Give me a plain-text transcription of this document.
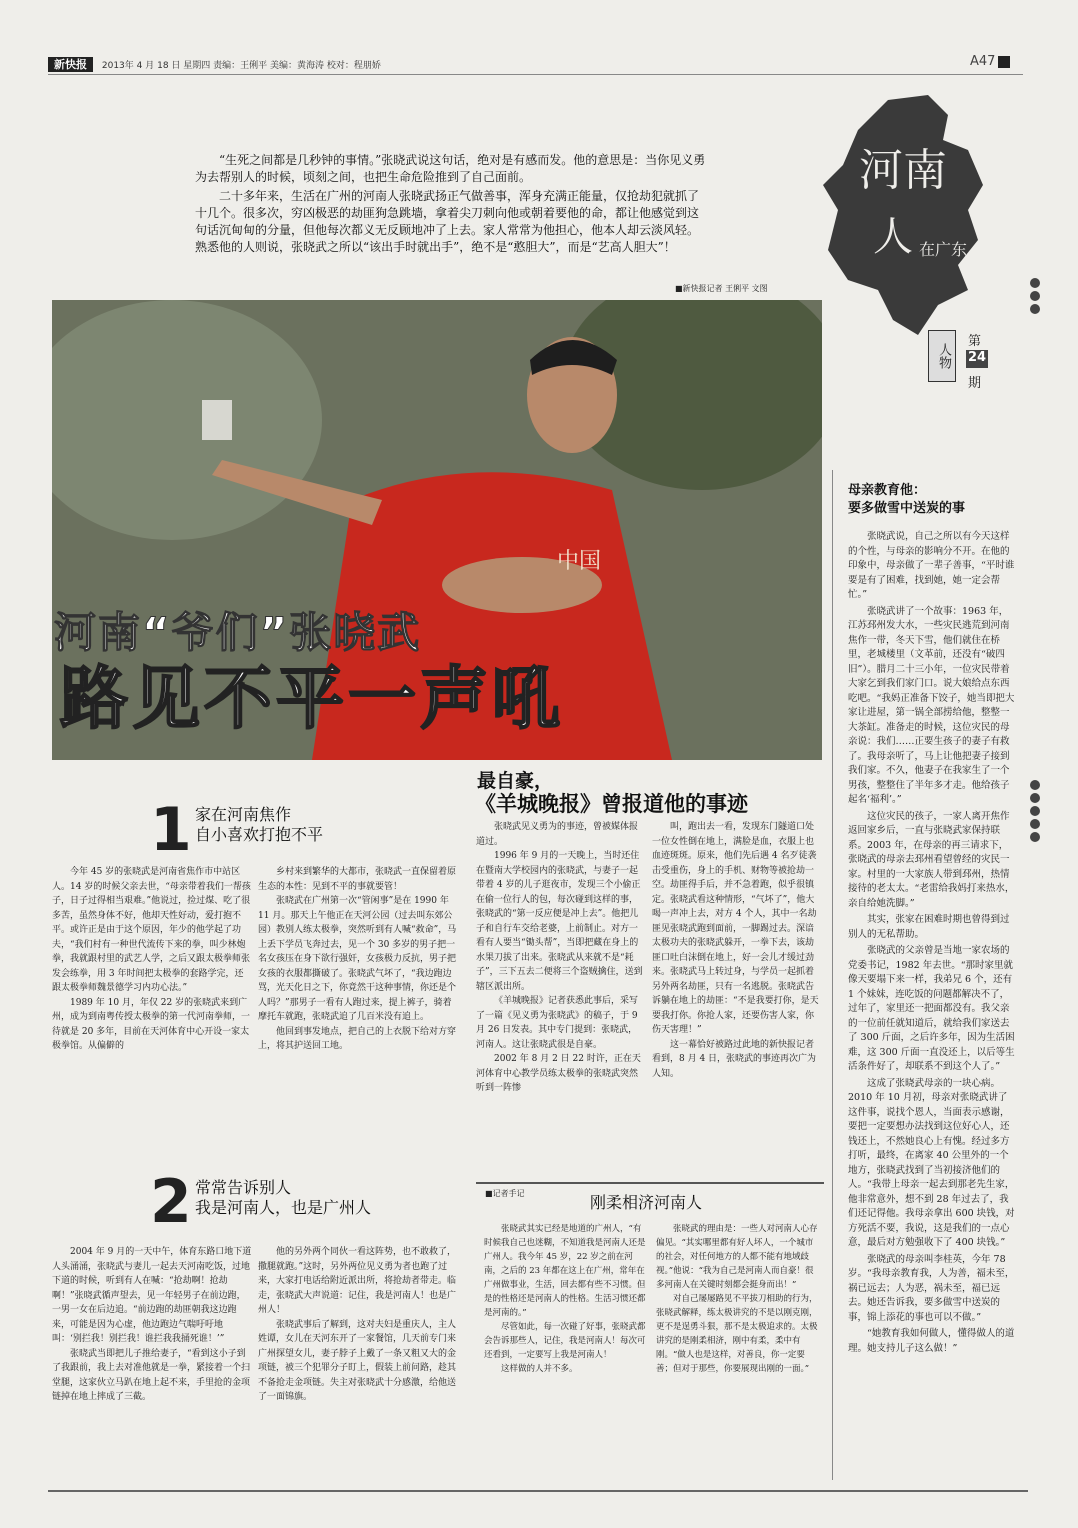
新快报 2013年 4 月 18 日 星期四 责编：王俐平 美编：黄海涛 校对：程朋娇	A47

“生死之间都是几秒钟的事情。”张晓武说这句话，绝对是有感而发。他的意思是：当你见义勇为去帮别人的时候，顷刻之间，也把生命危险推到了自己面前。

二十多年来，生活在广州的河南人张晓武扬正气做善事，浑身充满正能量，仅抢劫犯就抓了十几个。很多次，穷凶极恶的劫匪狗急跳墙，拿着尖刀刺向他或朝着要他的命，都让他感觉到这句话沉甸甸的分量，但他每次都义无反顾地冲了上去。家人常常为他担心，他本人却云淡风轻。熟悉他的人则说，张晓武之所以“该出手时就出手”，绝不是“憨胆大”，而是“艺高人胆大”！

■新快报记者 王俐平 文图
河南
人 在广东
人物
第
24
期
中国
河南“爷们”张晓武
路见不平一声吼
母亲教育他：
要多做雪中送炭的事

张晓武说，自己之所以有今天这样的个性，与母亲的影响分不开。在他的印象中，母亲做了一辈子善事，“平时谁要是有了困难，找到她，她一定会帮忙。”

张晓武讲了一个故事：1963 年，江苏邳州发大水，一些灾民逃荒到河南焦作一带，冬天下雪，他们就住在桥里，老城楼里（文革前，还没有“破四旧”）。腊月二十三小年，一位灾民带着大家乞到我们家门口。说大娘给点东西吃吧。“我妈正准备下饺子，她当即把大家让进屋，第一锅全部捞给他，整整一大茶缸。准备走的时候，这位灾民的母亲说：我们……正要生孩子的妻子有救了。我母亲听了，马上让他把妻子接到我们家。不久，他妻子在我家生了一个男孩，整整住了半年多才走。他给孩子起名‘福利’。”

这位灾民的孩子，一家人离开焦作返回家乡后，一直与张晓武家保持联系。2003 年，在母亲的再三请求下，张晓武的母亲去邳州看望曾经的灾民一家。村里的一大家族人带到邳州，热情接待的老太太。“老雷给我妈打来热水，亲自给她洗脚。”

其实，张家在困难时期也曾得到过别人的无私帮助。

张晓武的父亲曾是当地一家农场的党委书记，1982 年去世。“那时家里就像天要塌下来一样，我弟兄 6 个，还有 1 个妹妹，连吃饭的问题都解决不了，过年了，家里还一把面都没有。我父亲的一位前任就知道后，就给我们家送去了 300 斤面，之后许多年，因为生活困难，这 300 斤面一直没还上，以后等生活条件好了，却联系不到这个人了。”

这成了张晓武母亲的一块心病。2010 年 10 月初，母亲对张晓武讲了这件事，说找个恩人，当面表示感谢，要把一定要想办法找到这位好心人，还钱还上，不然她良心上有愧。经过多方打听，最终，在离家 40 公里外的一个地方，张晓武找到了当初接济他们的人。“我带上母亲一起去到那老先生家，他非常意外，想不到 28 年过去了，我们还记得他。我母亲拿出 600 块钱，对方死活不要，我说，这是我们的一点心意，最后对方勉强收下了 400 块钱。”

张晓武的母亲叫李桂英，今年 78 岁。“我母亲教育我，人为善，福未至，祸已远去；人为恶，祸未至，福已远去。她还告诉我，要多做雪中送炭的事，锦上添花的事也可以不做。”

“她教育我如何做人，懂得做人的道理。她支持儿子这么做！”

1 家在河南焦作
自小喜欢打抱不平

今年 45 岁的张晓武是河南省焦作市中站区人。14 岁的时候父亲去世，“母亲带着我们一帮孩子，日子过得相当艰难。”他说过，捡过煤、吃了很多苦，虽然身体不好，他却天性好动，爱打抱不平。或许正是由于这个原因，年少的他学起了功夫，“我们村有一种世代流传下来的拳，叫少林炮拳，我就跟村里的武艺人学，之后又跟太极拳师张发会练拳，用 3 年时间把太极拳的套路学完，还跟太极拳师魏景德学习内功心法。”

1989 年 10 月，年仅 22 岁的张晓武来到广州，成为到南粤传授太极拳的第一代河南拳师，一待就是 20 多年，目前在天河体育中心开设一家太极拳馆。从偏僻的

乡村来到繁华的大都市，张晓武一直保留着原生态的本性：见到不平的事就要管！

张晓武在广州第一次“管闲事”是在 1990 年 11 月。那天上午他正在天河公园（过去叫东郊公园）教别人练太极拳，突然听到有人喊“救命”，马上丢下学员飞奔过去，见一个 30 多岁的男子把一名女孩压在身下欲行强奸，女孩极力反抗，男子把女孩的衣服都撕破了。张晓武气坏了，“我边跑边骂，光天化日之下，你竟然干这种事情，你还是个人吗？”那男子一看有人跑过来，提上裤子，骑着摩托车就跑，张晓武追了几百米没有追上。

他回到事发地点，把自己的上衣脱下给对方穿上，将其护送回工地。

2 常常告诉别人
我是河南人，也是广州人

2004 年 9 月的一天中午，体育东路口地下道人头涌涌，张晓武与妻儿一起去天河南吃饭，过地下道的时候，听到有人在喊：“抢劫啊！抢劫啊！”张晓武循声望去，见一年轻男子在前边跑，一男一女在后边追。“前边跑的劫匪朝我这边跑来，可能是因为心虚，他边跑边气喘吁吁地叫：‘别拦我！别拦我！谁拦我我捅死谁！’”

张晓武当即把儿子推给妻子，“看到这小子到了我跟前，我上去对准他就是一拳，紧接着一个扫堂腿，这家伙立马趴在地上起不来，手里抢的金项链掉在地上摔成了三截。

他的另外两个同伙一看这阵势，也不敢救了，撒腿就跑。”这时，另外两位见义勇为者也跑了过来，大家打电话给附近派出所，将抢劫者带走。临走，张晓武大声说道：记住，我是河南人！也是广州人！

张晓武事后了解到，这对夫妇是重庆人，主人姓谭，女儿在天河东开了一家餐馆，几天前专门来广州探望女儿，妻子脖子上戴了一条又粗又大的金项链，被三个犯罪分子盯上，假装上前问路，趁其不备抢走金项链。失主对张晓武十分感激，给他送了一面锦旗。

最自豪，
《羊城晚报》曾报道他的事迹

张晓武见义勇为的事迹，曾被媒体报道过。

1996 年 9 月的一天晚上，当时还住在暨南大学校园内的张晓武，与妻子一起带着 4 岁的儿子逛夜市，发现三个小偷正在偷一位行人的包，每次碰到这样的事，张晓武的“第一反应便是冲上去”。他把儿子和自行车交给老婆，上前制止。对方一看有人要当“锄头帮”，当即把藏在身上的水果刀拔了出来。张晓武从来就不是“耗子”，三下五去二便将三个盗贼擒住，送到辖区派出所。

《羊城晚报》记者获悉此事后，采写了一篇《见义勇为张晓武》的稿子，于 9 月 26 日发表。其中专门提到：张晓武，河南人。这让张晓武很是自豪。

2002 年 8 月 2 日 22 时许，正在天河体育中心教学员练太极拳的张晓武突然听到一阵惨

叫，跑出去一看，发现东门隧道口处一位女性倒在地上，满脸是血，衣服上也血迹斑斑。原来，他们先后遇 4 名歹徒袭击受重伤，身上的手机、财物等被抢劫一空。劫匪得手后，并不急着跑，似乎很镇定。张晓武看这种情形，“气坏了”，他大喝一声冲上去，对方 4 个人，其中一名劫匪见张晓武跑到面前，一脚踢过去。深谙太极功夫的张晓武躲开，一拳下去，该劫匪口吐白沫倒在地上，好一会儿才缓过劲来。张晓武马上转过身，与学员一起抓着另外两名劫匪，只有一名逃脱。张晓武告诉躺在地上的劫匪：“不是我要打你，是天要我打你。你抢人家，还要伤害人家，你伤天害理！”

这一幕恰好被路过此地的新快报记者看到，8 月 4 日，张晓武的事迹再次广为人知。

■记者手记	刚柔相济河南人

张晓武其实已经是地道的广州人，“有时候我自己也迷糊，不知道我是河南人还是广州人。我今年 45 岁，22 岁之前在河南，之后的 23 年都在这上在广州，常年在广州做事业，生活，回去都有些不习惯。但是的性格还是河南人的性格。生活习惯还都是河南的。”

尽管如此，每一次碰了好事，张晓武都会告诉那些人，记住，我是河南人！每次可还看到，一定要写上我是河南人！

这样做的人并不多。

张晓武的理由是：一些人对河南人心存偏见。“其实哪里都有好人坏人，一个城市的社会，对任何地方的人都不能有地域歧视。”他说：“我为自己是河南人而自豪！很多河南人在关键时刻都会挺身而出！”

对自己屡屡路见不平拔刀相助的行为，张晓武解释，练太极讲究的不是以刚克刚，更不是逞勇斗狠，那不是太极追求的。太极讲究的是刚柔相济，刚中有柔，柔中有刚。“做人也是这样，对善良，你一定要善；但对于那些，你要展现出刚的一面。”
